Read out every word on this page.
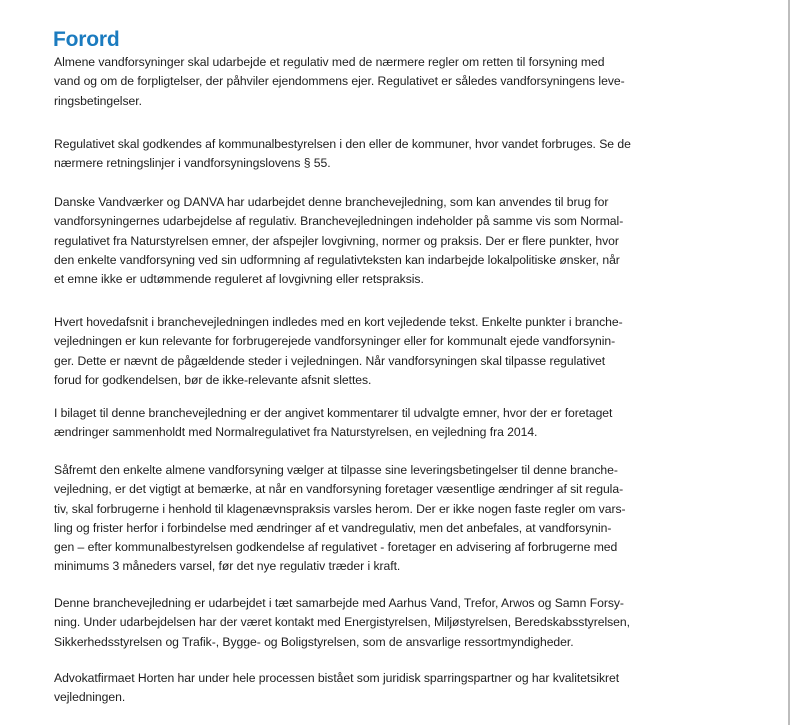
Forord
Almene vandforsyninger skal udarbejde et regulativ med de nærmere regler om retten til forsyning med
vand og om de forpligtelser, der påhviler ejendommens ejer. Regulativet er således vandforsyningens leve-
ringsbetingelser.
Regulativet skal godkendes af kommunalbestyrelsen i den eller de kommuner, hvor vandet forbruges. Se de
nærmere retningslinjer i vandforsyningslovens § 55.
Danske Vandværker og DANVA har udarbejdet denne branchevejledning, som kan anvendes til brug for
vandforsyningernes udarbejdelse af regulativ. Branchevejledningen indeholder på samme vis som Normal-
regulativet fra Naturstyrelsen emner, der afspejler lovgivning, normer og praksis. Der er flere punkter, hvor
den enkelte vandforsyning ved sin udformning af regulativteksten kan indarbejde lokalpolitiske ønsker, når
et emne ikke er udtømmende reguleret af lovgivning eller retspraksis.
Hvert hovedafsnit i branchevejledningen indledes med en kort vejledende tekst. Enkelte punkter i branche-
vejledningen er kun relevante for forbrugerejede vandforsyninger eller for kommunalt ejede vandforsynin-
ger. Dette er nævnt de pågældende steder i vejledningen. Når vandforsyningen skal tilpasse regulativet
forud for godkendelsen, bør de ikke-relevante afsnit slettes.
I bilaget til denne branchevejledning er der angivet kommentarer til udvalgte emner, hvor der er foretaget
ændringer sammenholdt med Normalregulativet fra Naturstyrelsen, en vejledning fra 2014.
Såfremt den enkelte almene vandforsyning vælger at tilpasse sine leveringsbetingelser til denne branche-
vejledning, er det vigtigt at bemærke, at når en vandforsyning foretager væsentlige ændringer af sit regula-
tiv, skal forbrugerne i henhold til klagenævnspraksis varsles herom. Der er ikke nogen faste regler om vars-
ling og frister herfor i forbindelse med ændringer af et vandregulativ, men det anbefales, at vandforsynin-
gen – efter kommunalbestyrelsen godkendelse af regulativet - foretager en advisering af forbrugerne med
minimums 3 måneders varsel, før det nye regulativ træder i kraft.
Denne branchevejledning er udarbejdet i tæt samarbejde med Aarhus Vand, Trefor, Arwos og Samn Forsy-
ning. Under udarbejdelsen har der været kontakt med Energistyrelsen, Miljøstyrelsen, Beredskabsstyrelsen,
Sikkerhedsstyrelsen og Trafik-, Bygge- og Boligstyrelsen, som de ansvarlige ressortmyndigheder.
Advokatfirmaet Horten har under hele processen bistået som juridisk sparringspartner og har kvalitetsikret
vejledningen.
